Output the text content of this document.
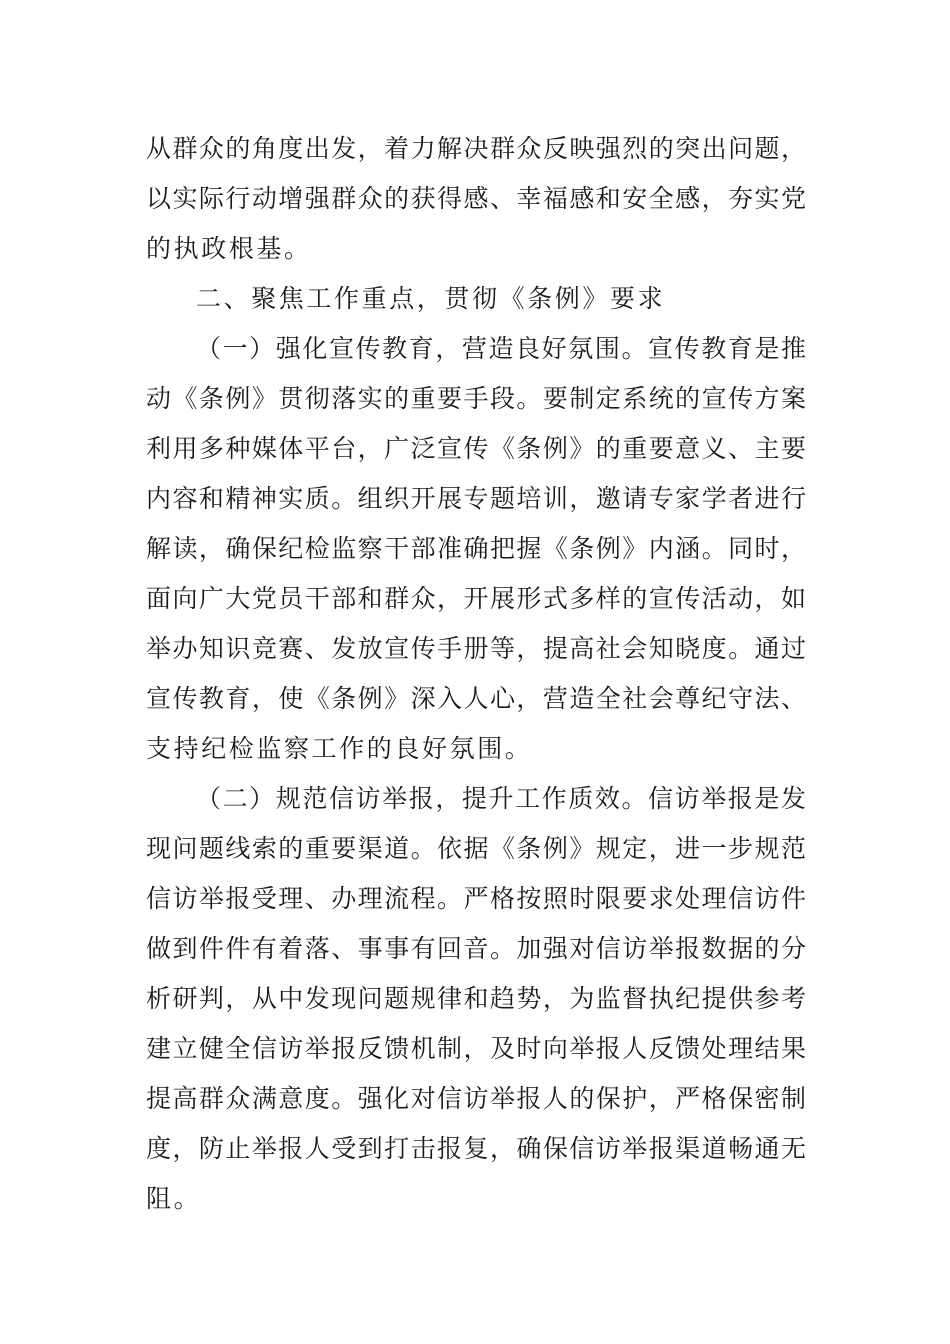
从群众的角度出发，着力解决群众反映强烈的突出问题，
以实际行动增强群众的获得感、幸福感和安全感，夯实党
的执政根基。
二、聚焦工作重点，贯彻《条例》要求
（一）强化宣传教育，营造良好氛围。宣传教育是推
动《条例》贯彻落实的重要手段。要制定系统的宣传方案
利用多种媒体平台，广泛宣传《条例》的重要意义、主要
内容和精神实质。组织开展专题培训，邀请专家学者进行
解读，确保纪检监察干部准确把握《条例》内涵。同时，
面向广大党员干部和群众，开展形式多样的宣传活动，如
举办知识竞赛、发放宣传手册等，提高社会知晓度。通过
宣传教育，使《条例》深入人心，营造全社会尊纪守法、
支持纪检监察工作的良好氛围。
（二）规范信访举报，提升工作质效。信访举报是发
现问题线索的重要渠道。依据《条例》规定，进一步规范
信访举报受理、办理流程。严格按照时限要求处理信访件
做到件件有着落、事事有回音。加强对信访举报数据的分
析研判，从中发现问题规律和趋势，为监督执纪提供参考
建立健全信访举报反馈机制，及时向举报人反馈处理结果
提高群众满意度。强化对信访举报人的保护，严格保密制
度，防止举报人受到打击报复，确保信访举报渠道畅通无
阻。
